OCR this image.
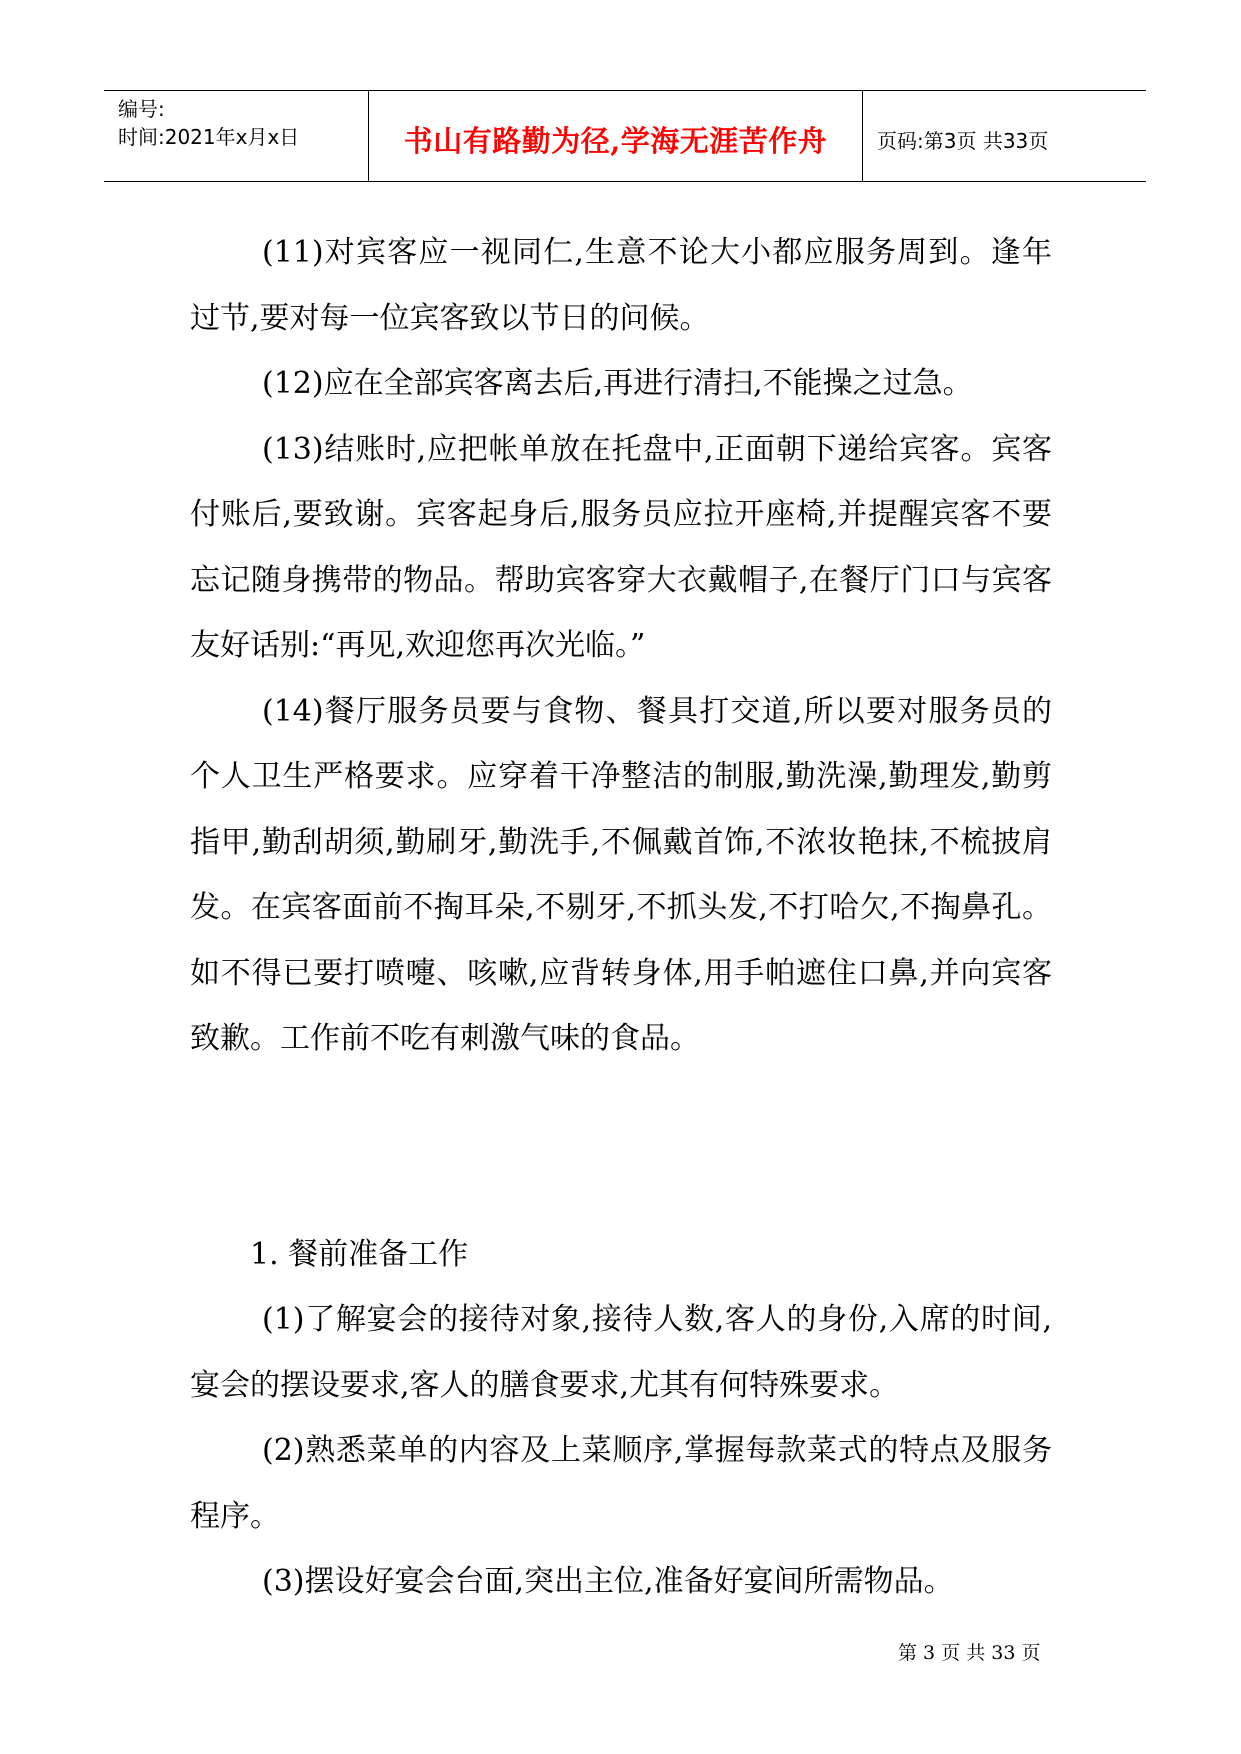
编号:
时间:2021年x月x日	书山有路勤为径,学海无涯苦作舟	页码:第3页 共33页

(11)对宾客应一视同仁,生意不论大小都应服务周到。逢年过节,要对每一位宾客致以节日的问候。

(12)应在全部宾客离去后,再进行清扫,不能操之过急。

(13)结账时,应把帐单放在托盘中,正面朝下递给宾客。宾客付账后,要致谢。宾客起身后,服务员应拉开座椅,并提醒宾客不要忘记随身携带的物品。帮助宾客穿大衣戴帽子,在餐厅门口与宾客友好话别:“再见,欢迎您再次光临。”

(14)餐厅服务员要与食物、餐具打交道,所以要对服务员的个人卫生严格要求。应穿着干净整洁的制服,勤洗澡,勤理发,勤剪指甲,勤刮胡须,勤刷牙,勤洗手,不佩戴首饰,不浓妆艳抹,不梳披肩发。在宾客面前不掏耳朵,不剔牙,不抓头发,不打哈欠,不掏鼻孔。如不得已要打喷嚏、咳嗽,应背转身体,用手帕遮住口鼻,并向宾客致歉。工作前不吃有刺激气味的食品。

1. 餐前准备工作

(1)了解宴会的接待对象,接待人数,客人的身份,入席的时间,宴会的摆设要求,客人的膳食要求,尤其有何特殊要求。

(2)熟悉菜单的内容及上菜顺序,掌握每款菜式的特点及服务程序。

(3)摆设好宴会台面,突出主位,准备好宴间所需物品。

第 3 页 共 33 页
